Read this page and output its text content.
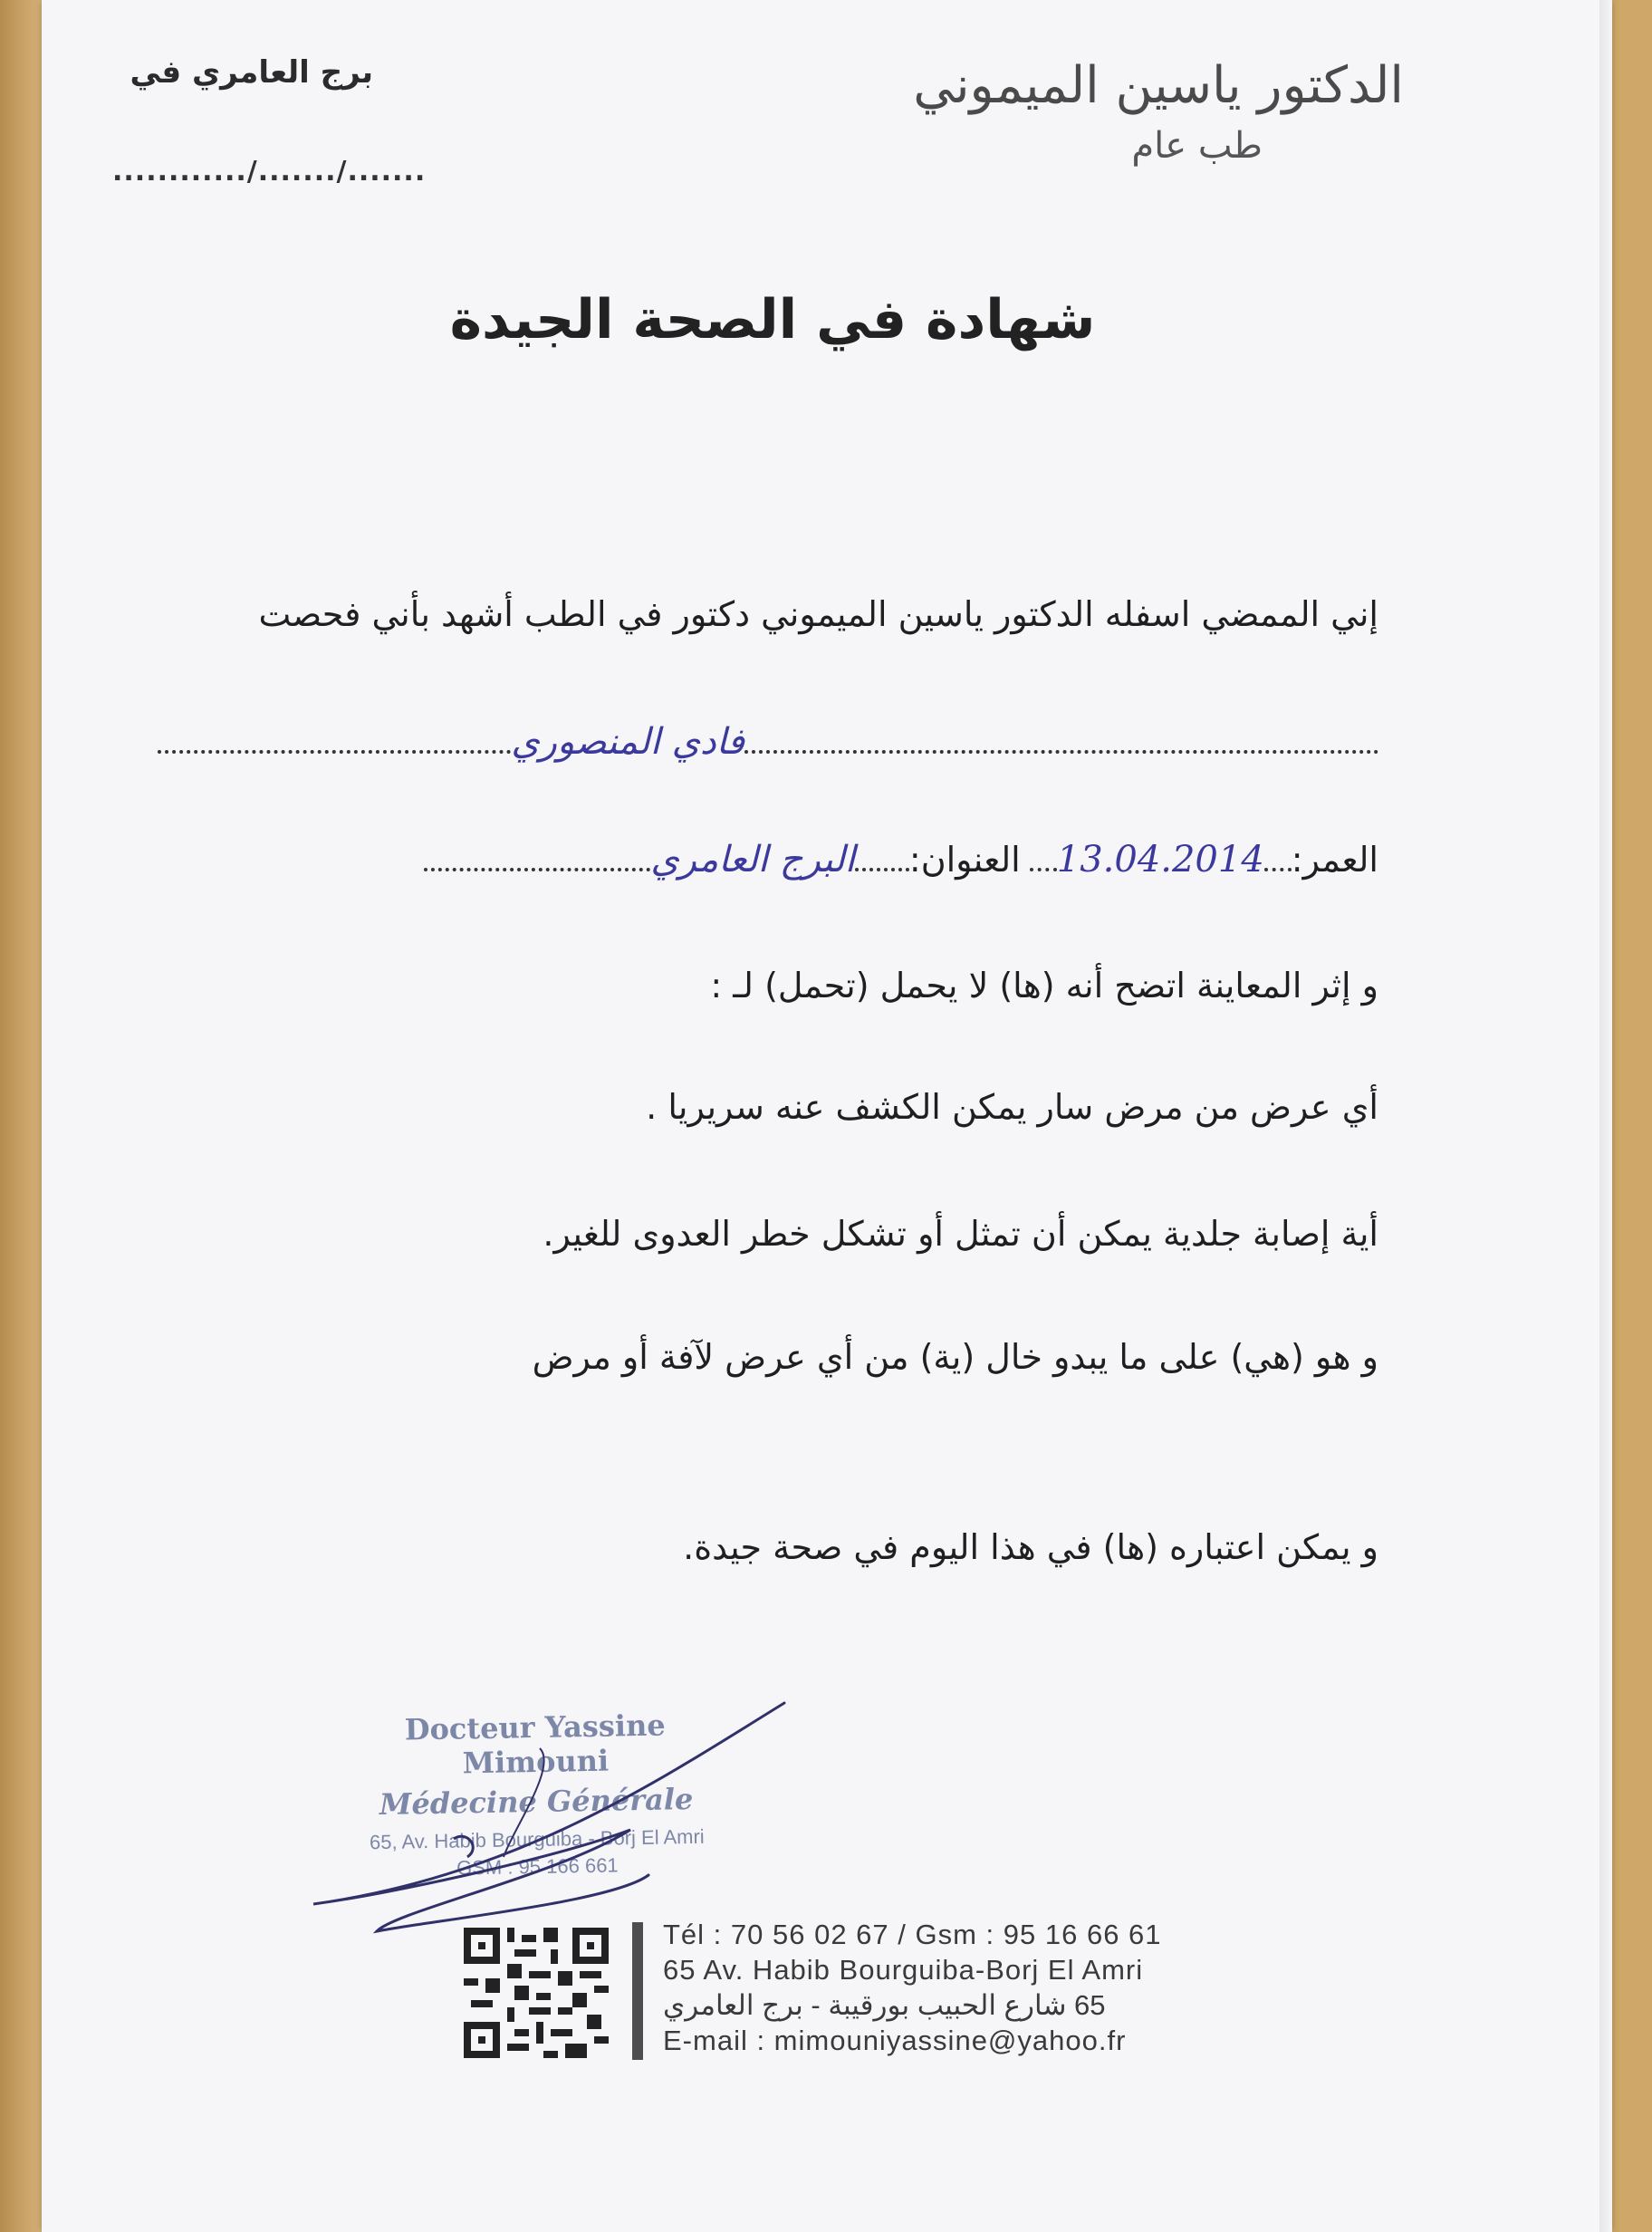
برج العامري في
............/......./.......
الدكتور ياسين الميموني
طب عام
شهادة في الصحة الجيدة
إني الممضي اسفله الدكتور ياسين الميموني دكتور في الطب أشهد بأني فحصت
فادي المنصوري
العمر:
13.04.2014
العنوان:
البرج العامري
و إثر المعاينة اتضح أنه (ها) لا يحمل (تحمل) لـ :
أي عرض من مرض سار يمكن الكشف عنه سريريا .
أية إصابة جلدية يمكن أن تمثل أو تشكل خطر العدوى للغير.
و هو (هي) على ما يبدو خال (ية) من أي عرض لآفة أو مرض
و يمكن اعتباره (ها) في هذا اليوم في صحة جيدة.
Docteur Yassine Mimouni
Médecine Générale
65, Av. Habib Bourguiba - Borj El Amri
GSM : 95 166 661
Tél : 70 56 02 67 / Gsm : 95 16 66 61
65 Av. Habib Bourguiba-Borj El Amri
65 شارع الحبيب بورقيبة - برج العامري
E-mail : mimouniyassine@yahoo.fr
